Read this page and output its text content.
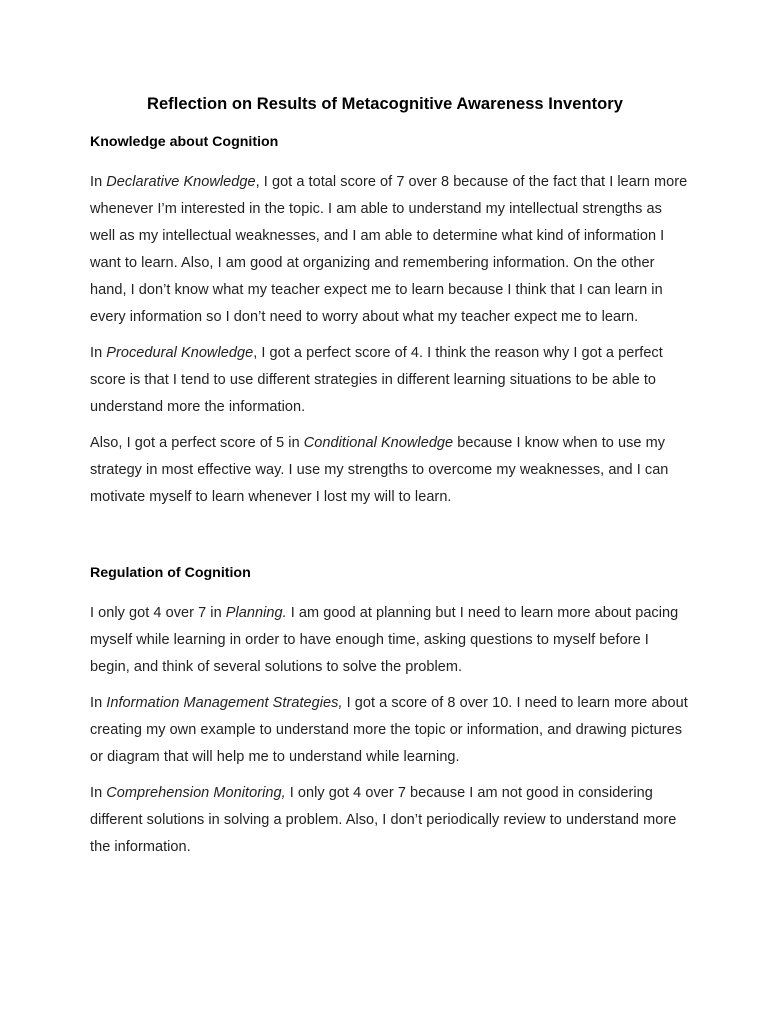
Reflection on Results of Metacognitive Awareness Inventory
Knowledge about Cognition

In Declarative Knowledge, I got a total score of 7 over 8 because of the fact that I learn more whenever I’m interested in the topic. I am able to understand my intellectual strengths as well as my intellectual weaknesses, and I am able to determine what kind of information I want to learn. Also, I am good at organizing and remembering information. On the other hand, I don’t know what my teacher expect me to learn because I think that I can learn in every information so I don’t need to worry about what my teacher expect me to learn.

In Procedural Knowledge, I got a perfect score of 4. I think the reason why I got a perfect score is that I tend to use different strategies in different learning situations to be able to understand more the information.

Also, I got a perfect score of 5 in Conditional Knowledge because I know when to use my strategy in most effective way. I use my strengths to overcome my weaknesses, and I can motivate myself to learn whenever I lost my will to learn.

Regulation of Cognition

I only got 4 over 7 in Planning. I am good at planning but I need to learn more about pacing myself while learning in order to have enough time, asking questions to myself before I begin, and think of several solutions to solve the problem.

In Information Management Strategies, I got a score of 8 over 10. I need to learn more about creating my own example to understand more the topic or information, and drawing pictures or diagram that will help me to understand while learning.

In Comprehension Monitoring, I only got 4 over 7 because I am not good in considering different solutions in solving a problem. Also, I don’t periodically review to understand more the information.
